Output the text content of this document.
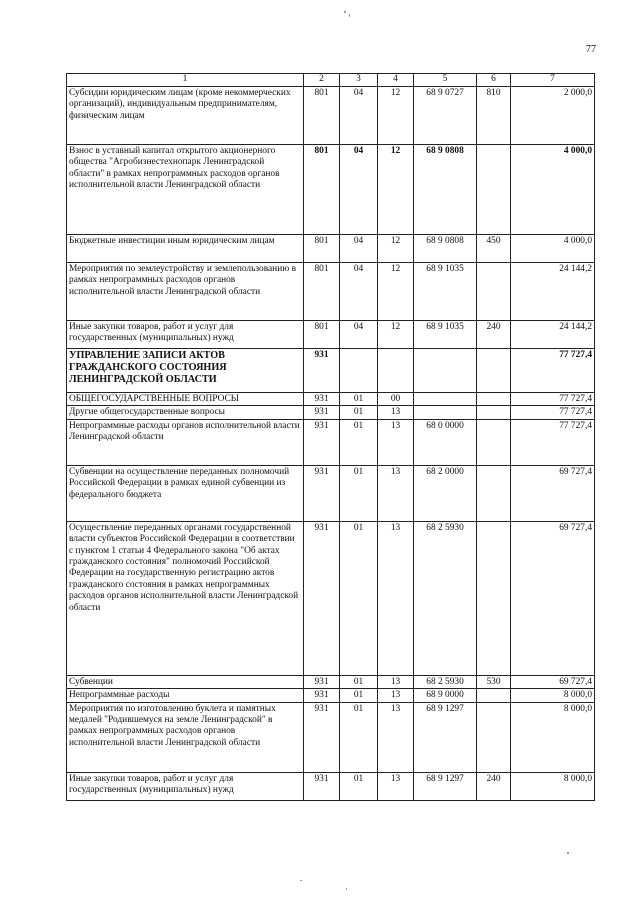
77
1	2	3	4	5	6	7
Субсидии юридическим лицам (кроме некоммерческих организаций), индивидуальным предпринимателям, физическим лицам	801	04	12	68 9 0727	810	2 000,0
Взнос в уставный капитал открытого акционерного общества "Агробизнестехнопарк Ленинградской области" в рамках непрограммных расходов органов исполнительной власти Ленинградской области	801	04	12	68 9 0808		4 000,0
Бюджетные инвестиции иным юридическим лицам	801	04	12	68 9 0808	450	4 000,0
Мероприятия по землеустройству и землепользованию в рамках непрограммных расходов органов исполнительной власти Ленинградской области	801	04	12	68 9 1035		24 144,2
Иные закупки товаров, работ и услуг для государственных (муниципальных) нужд	801	04	12	68 9 1035	240	24 144,2
УПРАВЛЕНИЕ ЗАПИСИ АКТОВ ГРАЖДАНСКОГО СОСТОЯНИЯ ЛЕНИНГРАДСКОЙ ОБЛАСТИ	931					77 727,4
ОБЩЕГОСУДАРСТВЕННЫЕ ВОПРОСЫ	931	01	00			77 727,4
Другие общегосударственные вопросы	931	01	13			77 727,4
Непрограммные расходы органов исполнительной власти Ленинградской области	931	01	13	68 0 0000		77 727,4
Субвенции на осуществление переданных полномочий Российской Федерации в рамках единой субвенции из федерального бюджета	931	01	13	68 2 0000		69 727,4
Осуществление переданных органами государственной власти субъектов Российской Федерации в соответствии с пунктом 1 статьи 4 Федерального закона "Об актах гражданского состояния" полномочий Российской Федерации на государственную регистрацию актов гражданского состояния в рамках непрограммных расходов органов исполнительной власти Ленинградской области	931	01	13	68 2 5930		69 727,4
Субвенции	931	01	13	68 2 5930	530	69 727,4
Непрограммные расходы	931	01	13	68 9 0000		8 000,0
Мероприятия по изготовлению буклета и памятных медалей "Родившемуся на земле Ленинградской" в рамках непрограммных расходов органов исполнительной власти Ленинградской области	931	01	13	68 9 1297		8 000,0
Иные закупки товаров, работ и услуг для государственных (муниципальных) нужд	931	01	13	68 9 1297	240	8 000,0
